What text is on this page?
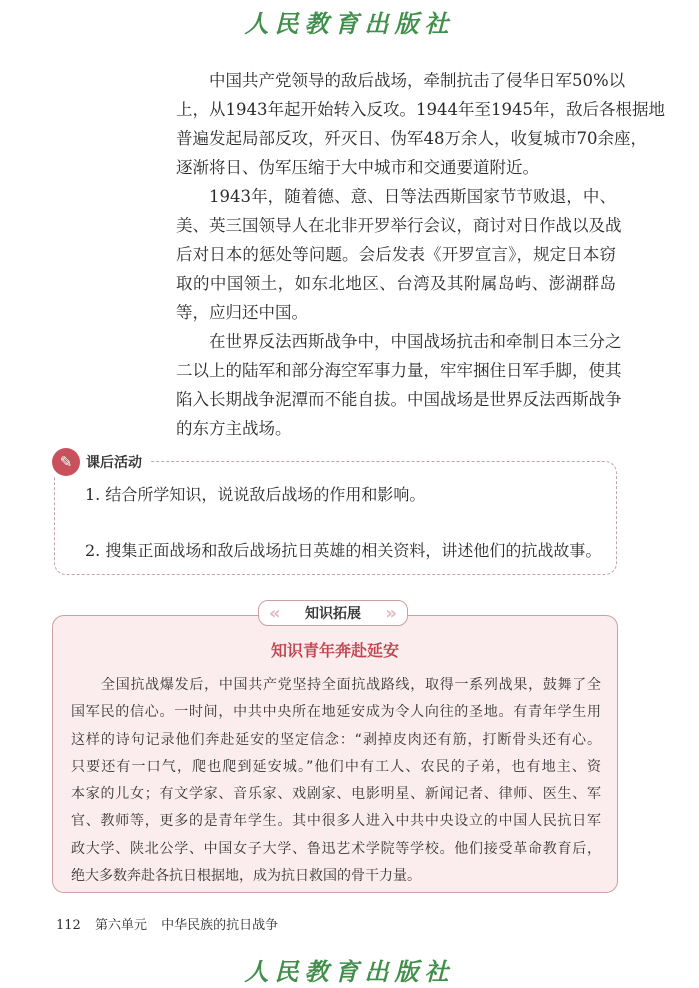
人民教育出版社
中国共产党领导的敌后战场，牵制抗击了侵华日军50%以
上，从1943年起开始转入反攻。1944年至1945年，敌后各根据地
普遍发起局部反攻，歼灭日、伪军48万余人，收复城市70余座，
逐渐将日、伪军压缩于大中城市和交通要道附近。
1943年，随着德、意、日等法西斯国家节节败退，中、
美、英三国领导人在北非开罗举行会议，商讨对日作战以及战
后对日本的惩处等问题。会后发表《开罗宣言》，规定日本窃
取的中国领土，如东北地区、台湾及其附属岛屿、澎湖群岛
等，应归还中国。
在世界反法西斯战争中，中国战场抗击和牵制日本三分之
二以上的陆军和部分海空军事力量，牢牢捆住日军手脚，使其
陷入长期战争泥潭而不能自拔。中国战场是世界反法西斯战争
的东方主战场。
1. 结合所学知识，说说敌后战场的作用和影响。
2. 搜集正面战场和敌后战场抗日英雄的相关资料，讲述他们的抗战故事。
✎ 课后活动
知识青年奔赴延安
全国抗战爆发后，中国共产党坚持全面抗战路线，取得一系列战果，鼓舞了全
国军民的信心。一时间，中共中央所在地延安成为令人向往的圣地。有青年学生用
这样的诗句记录他们奔赴延安的坚定信念：“剥掉皮肉还有筋，打断骨头还有心。
只要还有一口气，爬也爬到延安城。”他们中有工人、农民的子弟，也有地主、资
本家的儿女；有文学家、音乐家、戏剧家、电影明星、新闻记者、律师、医生、军
官、教师等，更多的是青年学生。其中很多人进入中共中央设立的中国人民抗日军
政大学、陕北公学、中国女子大学、鲁迅艺术学院等学校。他们接受革命教育后，
绝大多数奔赴各抗日根据地，成为抗日救国的骨干力量。
« 知识拓展 »
112 第六单元 中华民族的抗日战争
人民教育出版社
